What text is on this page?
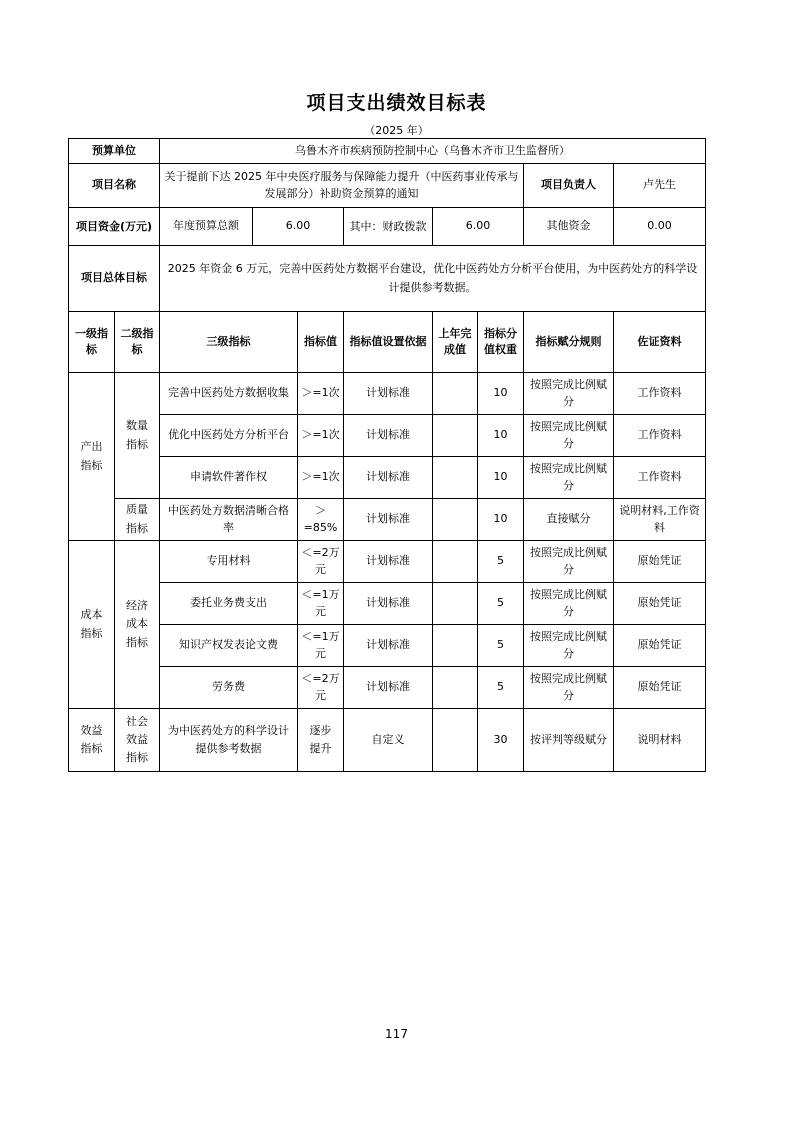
项目支出绩效目标表
（2025 年）
预算单位		乌鲁木齐市疾病预防控制中心（乌鲁木齐市卫生监督所）							
项目名称		关于提前下达 2025 年中央医疗服务与保障能力提升（中医药事业传承与发展部分）补助资金预算的通知						项目负责人	卢先生
项目资金(万元)		年度预算总额	6.00		其中：财政拨款	6.00		其他资金	0.00
项目总体目标		2025 年资金 6 万元，完善中医药处方数据平台建设，优化中医药处方分析平台使用，为中医药处方的科学设计提供参考数据。							
一级指标	二级指标	三级指标		指标值	指标值设置依据	上年完成值	指标分值权重	指标赋分规则	佐证资料
产出指标	数量指标	完善中医药处方数据收集		＞=1次	计划标准		10	按照完成比例赋分	工作资料
		优化中医药处方分析平台		＞=1次	计划标准		10	按照完成比例赋分	工作资料
		申请软件著作权		＞=1次	计划标准		10	按照完成比例赋分	工作资料
	质量指标	中医药处方数据清晰合格率		＞=85%	计划标准		10	直接赋分	说明材料,工作资料
成本指标	经济成本指标	专用材料		＜=2万元	计划标准		5	按照完成比例赋分	原始凭证
		委托业务费支出		＜=1万元	计划标准		5	按照完成比例赋分	原始凭证
		知识产权发表论文费		＜=1万元	计划标准		5	按照完成比例赋分	原始凭证
		劳务费		＜=2万元	计划标准		5	按照完成比例赋分	原始凭证
效益指标	社会效益指标	为中医药处方的科学设计提供参考数据		逐步提升	自定义		30	按评判等级赋分	说明材料
117
